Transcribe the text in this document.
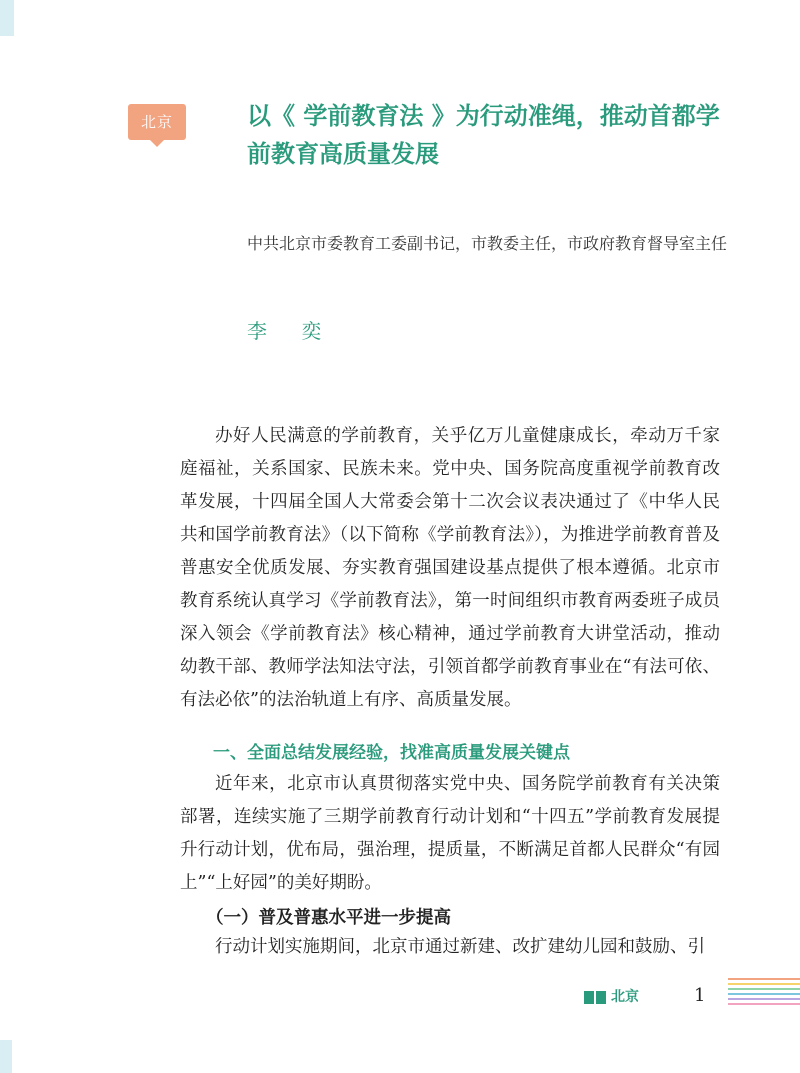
北京	以《 学前教育法 》为行动准绳，推动首都学前教育高质量发展
中共北京市委教育工委副书记，市教委主任，市政府教育督导室主任
李 奕

办好人民满意的学前教育，关乎亿万儿童健康成长，牵动万千家庭福祉，关系国家、民族未来。党中央、国务院高度重视学前教育改革发展，十四届全国人大常委会第十二次会议表决通过了《中华人民共和国学前教育法》（以下简称《学前教育法》），为推进学前教育普及普惠安全优质发展、夯实教育强国建设基点提供了根本遵循。北京市教育系统认真学习《学前教育法》，第一时间组织市教育两委班子成员深入领会《学前教育法》核心精神，通过学前教育大讲堂活动，推动幼教干部、教师学法知法守法，引领首都学前教育事业在“有法可依、有法必依”的法治轨道上有序、高质量发展。

一、全面总结发展经验，找准高质量发展关键点

近年来，北京市认真贯彻落实党中央、国务院学前教育有关决策部署，连续实施了三期学前教育行动计划和“十四五”学前教育发展提升行动计划，优布局，强治理，提质量，不断满足首都人民群众“有园上”“上好园”的美好期盼。

（一）普及普惠水平进一步提高

行动计划实施期间，北京市通过新建、改扩建幼儿园和鼓励、引

北京	1
